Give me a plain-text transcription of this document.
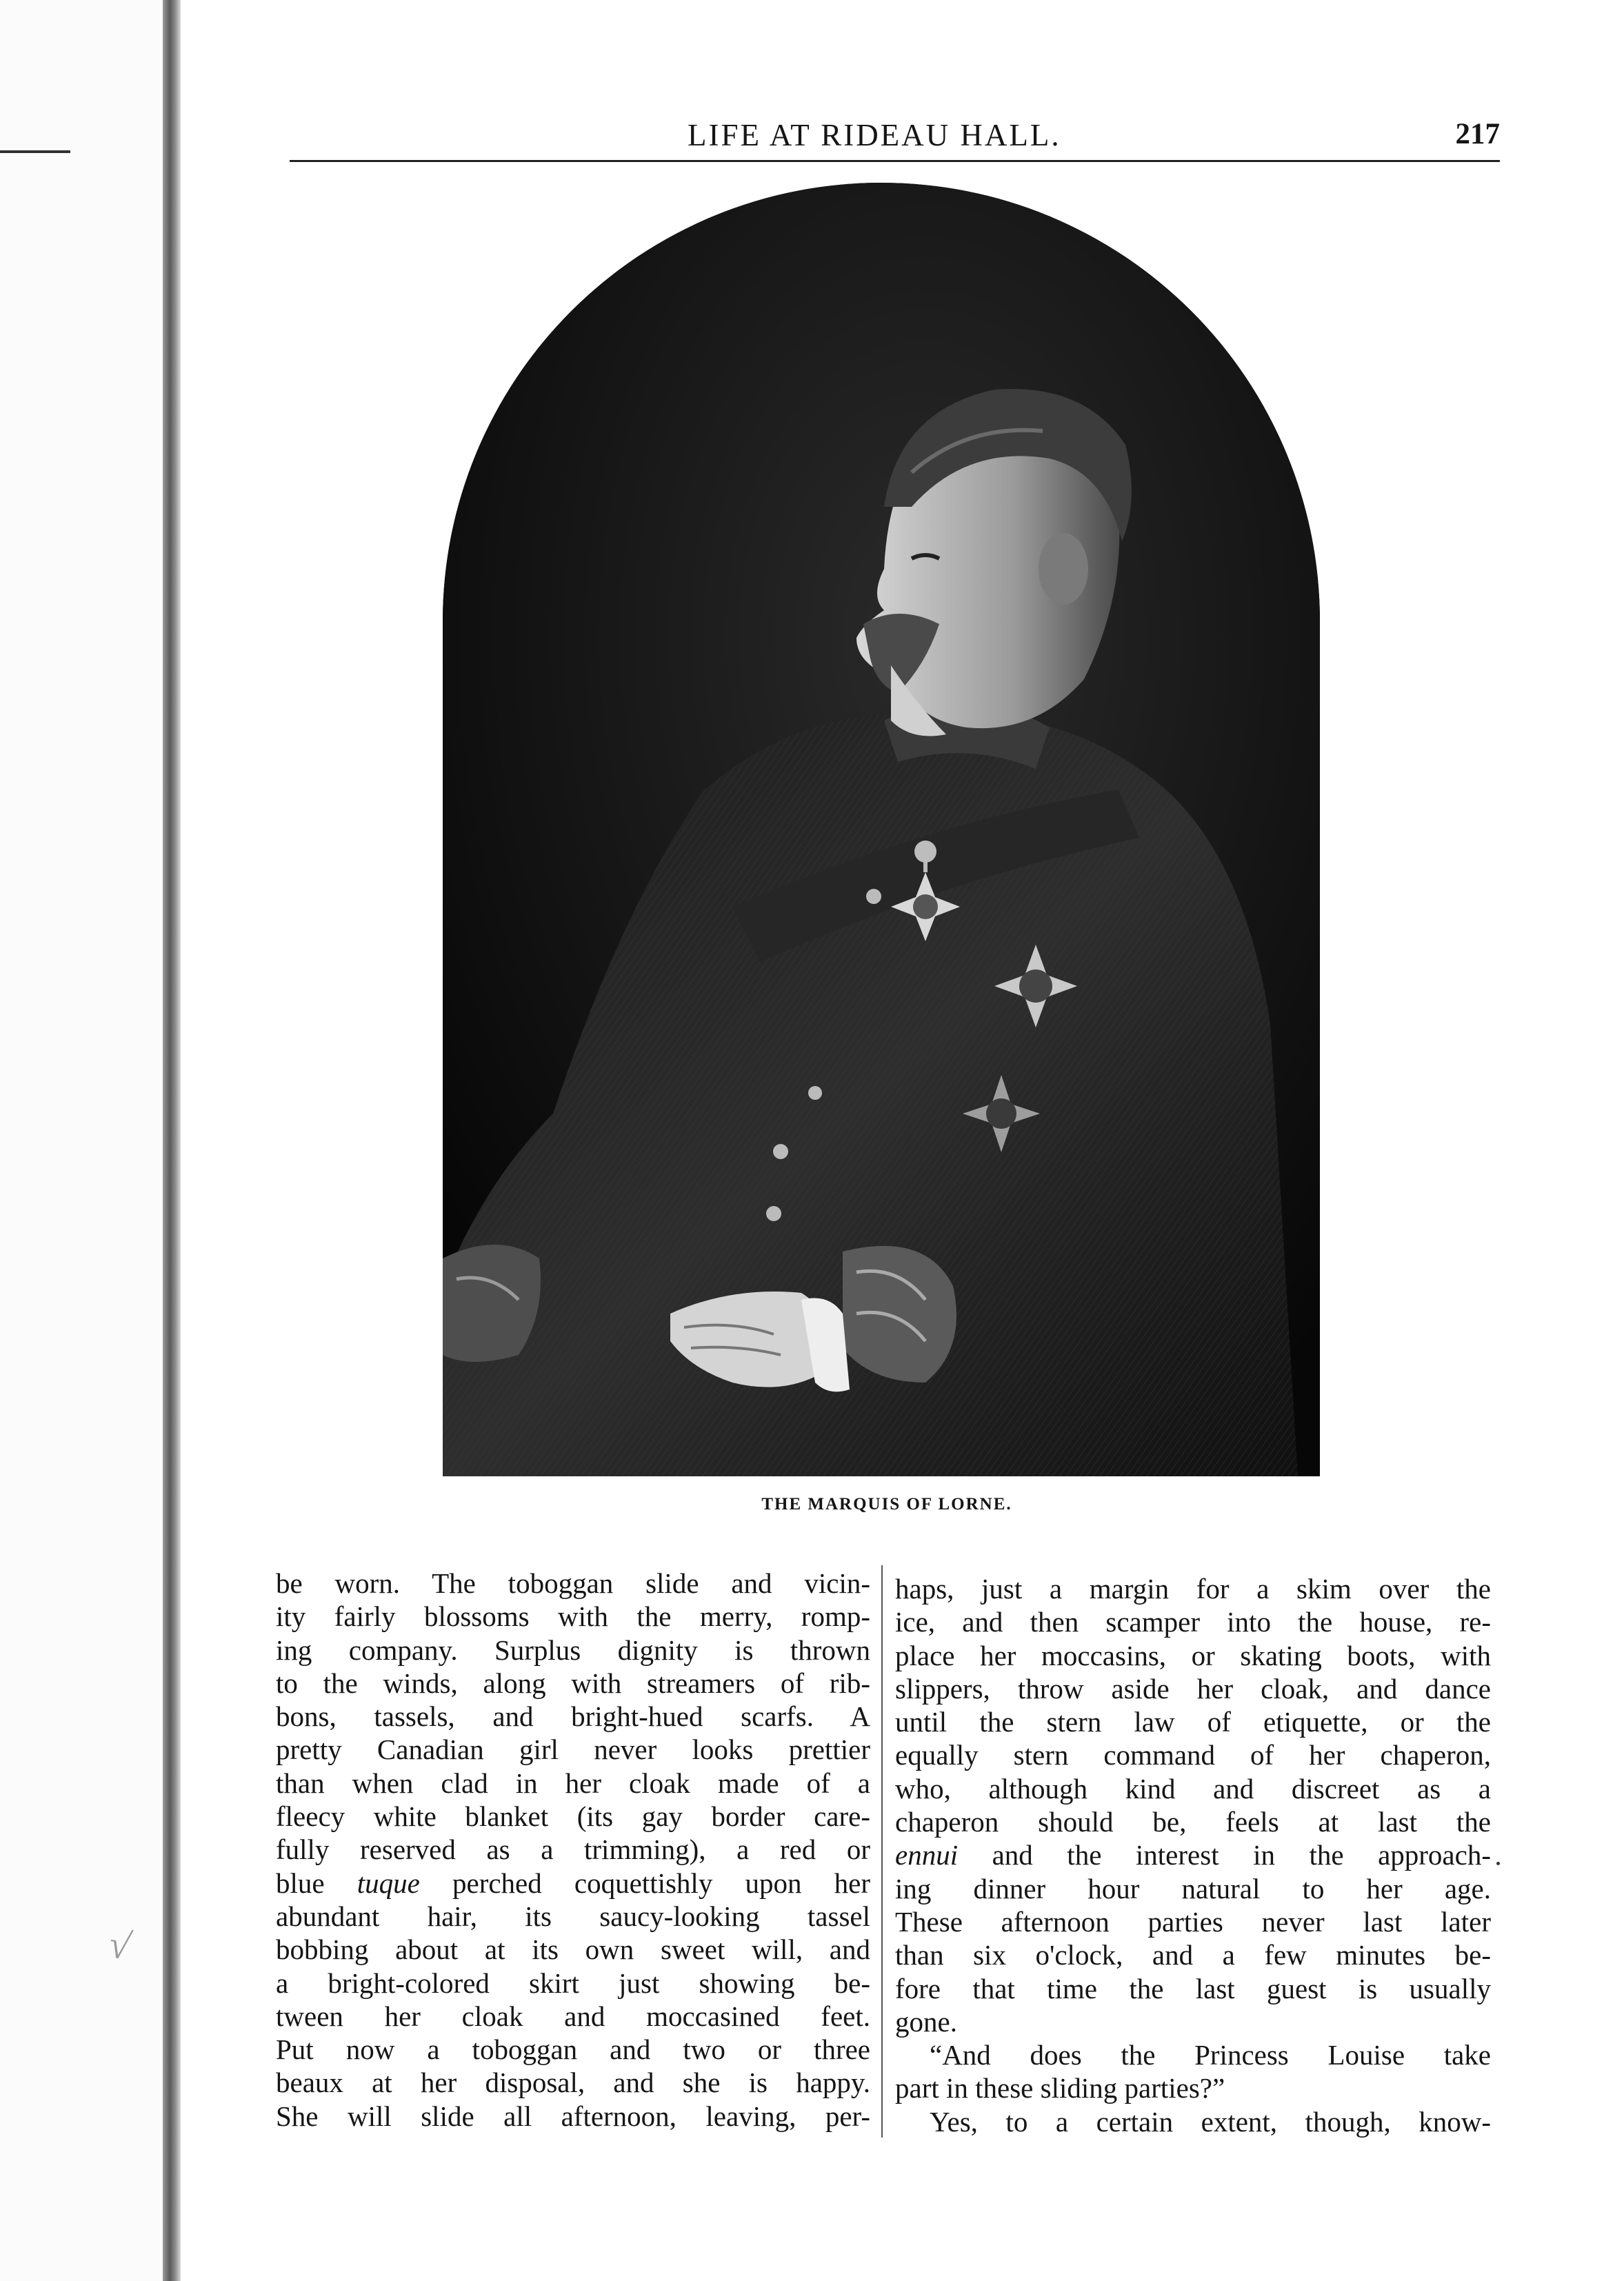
√
LIFE AT RIDEAU HALL.	217
THE MARQUIS OF LORNE.
be worn. The toboggan slide and vicin-
ity fairly blossoms with the merry, romp-
ing company. Surplus dignity is thrown
to the winds, along with streamers of rib-
bons, tassels, and bright-hued scarfs. A
pretty Canadian girl never looks prettier
than when clad in her cloak made of a
fleecy white blanket (its gay border care-
fully reserved as a trimming), a red or
blue tuque perched coquettishly upon her
abundant hair, its saucy-looking tassel
bobbing about at its own sweet will, and
a bright-colored skirt just showing be-
tween her cloak and moccasined feet.
Put now a toboggan and two or three
beaux at her disposal, and she is happy.
She will slide all afternoon, leaving, per-
haps, just a margin for a skim over the
ice, and then scamper into the house, re-
place her moccasins, or skating boots, with
slippers, throw aside her cloak, and dance
until the stern law of etiquette, or the
equally stern command of her chaperon,
who, although kind and discreet as a
chaperon should be, feels at last the
ennui and the interest in the approach-
ing dinner hour natural to her age.
These afternoon parties never last later
than six o'clock, and a few minutes be-
fore that time the last guest is usually
gone.
“And does the Princess Louise take
part in these sliding parties?”
Yes, to a certain extent, though, know-
